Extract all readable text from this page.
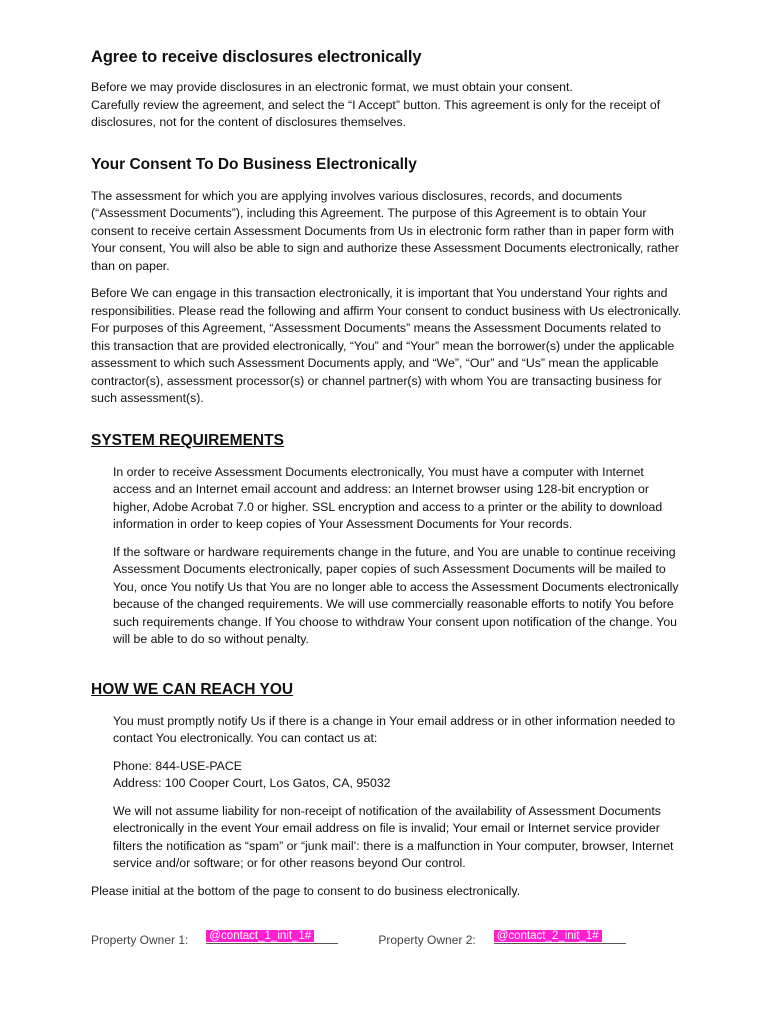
Agree to receive disclosures electronically

Before we may provide disclosures in an electronic format, we must obtain your consent.
Carefully review the agreement, and select the “I Accept” button. This agreement is only for the receipt of disclosures, not for the content of disclosures themselves.

Your Consent To Do Business Electronically

The assessment for which you are applying involves various disclosures, records, and documents (“Assessment Documents”), including this Agreement. The purpose of this Agreement is to obtain Your consent to receive certain Assessment Documents from Us in electronic form rather than in paper form with Your consent, You will also be able to sign and authorize these Assessment Documents electronically, rather than on paper.

Before We can engage in this transaction electronically, it is important that You understand Your rights and responsibilities. Please read the following and affirm Your consent to conduct business with Us electronically. For purposes of this Agreement, “Assessment Documents” means the Assessment Documents related to this transaction that are provided electronically, “You” and “Your” mean the borrower(s) under the applicable assessment to which such Assessment Documents apply, and “We”, “Our” and “Us” mean the applicable contractor(s), assessment processor(s) or channel partner(s) with whom You are transacting business for such assessment(s).

SYSTEM REQUIREMENTS

In order to receive Assessment Documents electronically, You must have a computer with Internet access and an Internet email account and address: an Internet browser using 128-bit encryption or higher, Adobe Acrobat 7.0 or higher. SSL encryption and access to a printer or the ability to download information in order to keep copies of Your Assessment Documents for Your records.

If the software or hardware requirements change in the future, and You are unable to continue receiving Assessment Documents electronically, paper copies of such Assessment Documents will be mailed to You, once You notify Us that You are no longer able to access the Assessment Documents electronically because of the changed requirements. We will use commercially reasonable efforts to notify You before such requirements change. If You choose to withdraw Your consent upon notification of the change. You will be able to do so without penalty.

HOW WE CAN REACH YOU

You must promptly notify Us if there is a change in Your email address or in other information needed to contact You electronically. You can contact us at:

Phone: 844-USE-PACE
Address: 100 Cooper Court, Los Gatos, CA, 95032

We will not assume liability for non-receipt of notification of the availability of Assessment Documents electronically in the event Your email address on file is invalid; Your email or Internet service provider filters the notification as “spam” or “junk mail’: there is a malfunction in Your computer, browser, Internet service and/or software; or for other reasons beyond Our control.

Please initial at the bottom of the page to consent to do business electronically.

Property Owner 1: @contact_1_init_1#	Property Owner 2: @contact_2_init_1#
